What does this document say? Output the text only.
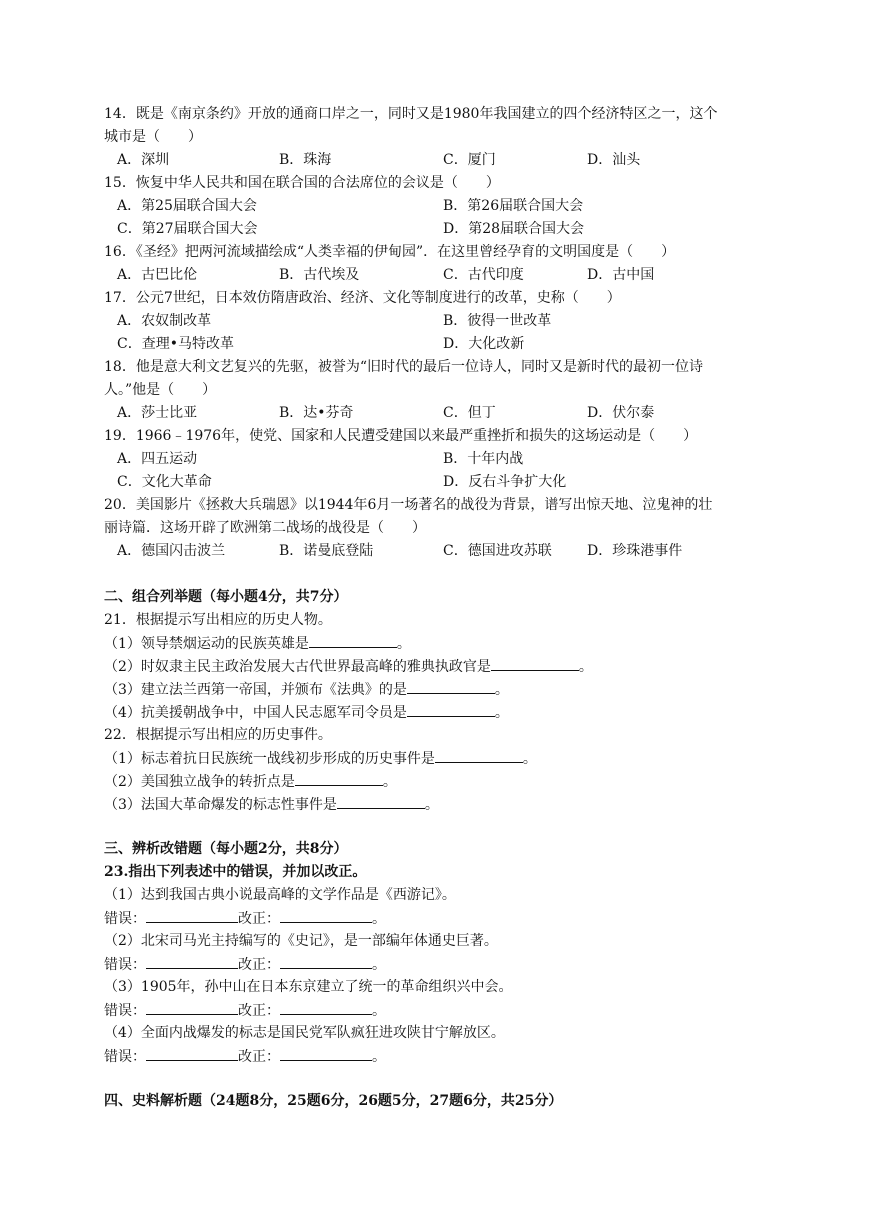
14．既是《南京条约》开放的通商口岸之一，同时又是1980年我国建立的四个经济特区之一，这个
城市是（　　）
A．深圳	B．珠海	C．厦门	D．汕头
15．恢复中华人民共和国在联合国的合法席位的会议是（　　）
A．第25届联合国大会	B．第26届联合国大会
C．第27届联合国大会	D．第28届联合国大会
16．《圣经》把两河流域描绘成“人类幸福的伊甸园”．在这里曾经孕育的文明国度是（　　）
A．古巴比伦	B．古代埃及	C．古代印度	D．古中国
17．公元7世纪，日本效仿隋唐政治、经济、文化等制度进行的改革，史称（　　）
A．农奴制改革	B．彼得一世改革
C．查理•马特改革	D．大化改新
18．他是意大利文艺复兴的先驱，被誉为“旧时代的最后一位诗人，同时又是新时代的最初一位诗
人。”他是（　　）
A．莎士比亚	B．达•芬奇	C．但丁	D．伏尔泰
19．1966﹣1976年，使党、国家和人民遭受建国以来最严重挫折和损失的这场运动是（　　）
A．四五运动	B．十年内战
C．文化大革命	D．反右斗争扩大化
20．美国影片《拯救大兵瑞恩》以1944年6月一场著名的战役为背景，谱写出惊天地、泣鬼神的壮
丽诗篇．这场开辟了欧洲第二战场的战役是（　　）
A．德国闪击波兰	B．诺曼底登陆	C．德国进攻苏联	D．珍珠港事件
二、组合列举题（每小题4分，共7分）
21．根据提示写出相应的历史人物。
（1）领导禁烟运动的民族英雄是	。
（2）时奴隶主民主政治发展大古代世界最高峰的雅典执政官是	。
（3）建立法兰西第一帝国，并颁布《法典》的是	。
（4）抗美援朝战争中，中国人民志愿军司令员是	。
22．根据提示写出相应的历史事件。
（1）标志着抗日民族统一战线初步形成的历史事件是	。
（2）美国独立战争的转折点是	。
（3）法国大革命爆发的标志性事件是	。
三、辨析改错题（每小题2分，共8分）
23.指出下列表述中的错误，并加以改正。
（1）达到我国古典小说最高峰的文学作品是《西游记》。
错误：	改正：	。
（2）北宋司马光主持编写的《史记》，是一部编年体通史巨著。
错误：	改正：	。
（3）1905年，孙中山在日本东京建立了统一的革命组织兴中会。
错误：	改正：	。
（4）全面内战爆发的标志是国民党军队疯狂进攻陕甘宁解放区。
错误：	改正：	。
四、史料解析题（24题8分，25题6分，26题5分，27题6分，共25分）
